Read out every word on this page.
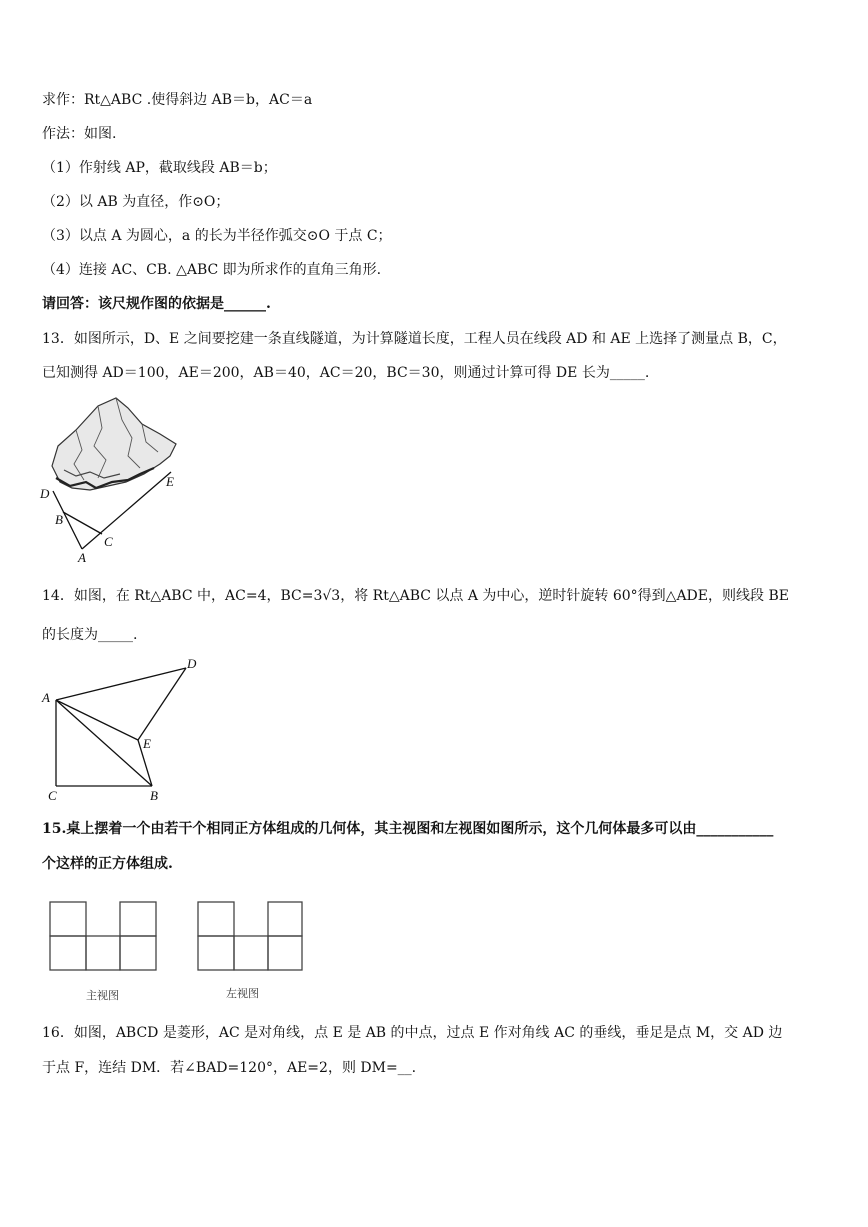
求作：Rt△ABC .使得斜边 AB＝b，AC＝a
作法：如图.
（1）作射线 AP，截取线段 AB＝b；
（2）以 AB 为直径，作⊙O；
（3）以点 A 为圆心，a 的长为半径作弧交⊙O 于点 C；
（4）连接 AC、CB. △ABC 即为所求作的直角三角形.
请回答：该尺规作图的依据是______.
13．如图所示，D、E 之间要挖建一条直线隧道，为计算隧道长度，工程人员在线段 AD 和 AE 上选择了测量点 B，C，
已知测得 AD＝100，AE＝200，AB＝40，AC＝20，BC＝30，则通过计算可得 DE 长为_____.
D
E
B
A
C
14．如图，在 Rt△ABC 中，AC=4，BC=3√3，将 Rt△ABC 以点 A 为中心，逆时针旋转 60°得到△ADE，则线段 BE
的长度为_____.
A
D
E
C	B
15.桌上摆着一个由若干个相同正方体组成的几何体，其主视图和左视图如图所示，这个几何体最多可以由___________
个这样的正方体组成.
主视图	左视图
16．如图，ABCD 是菱形，AC 是对角线，点 E 是 AB 的中点，过点 E 作对角线 AC 的垂线，垂足是点 M，交 AD 边
于点 F，连结 DM．若∠BAD=120°，AE=2，则 DM=__.
